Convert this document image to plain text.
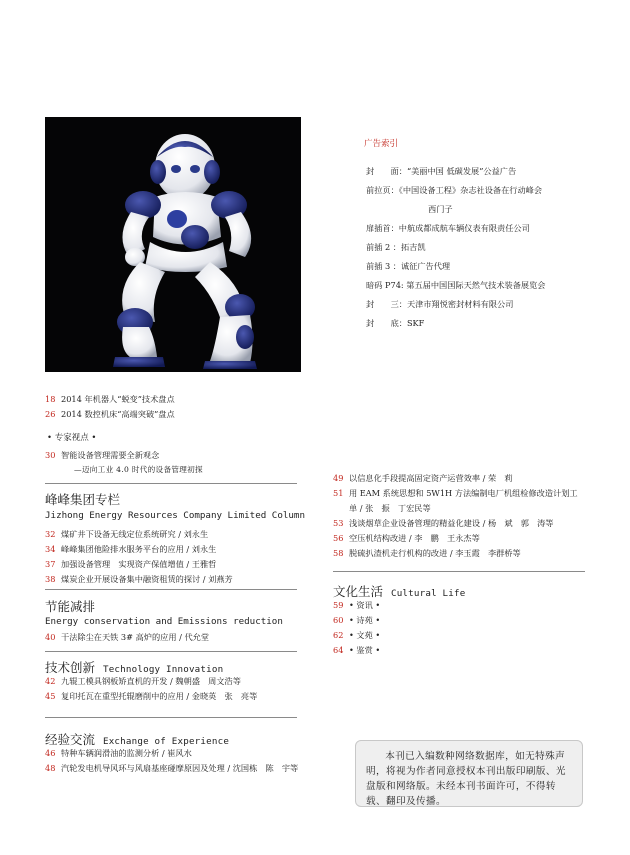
广告索引
封　　面：“美丽中国 低碳发展”公益广告
前拉页：《中国设备工程》杂志社设备在行动峰会
西门子
扉插首：中航成都成航车辆仪表有限责任公司
前插 2 ：拓吉凯
前插 3 ：诚征广告代理
暗码 P74: 第五届中国国际天然气技术装备展览会
封　　三：天津市翔悦密封材料有限公司
封　　底：SKF
18 2014 年机器人“蜕变”技术盘点
26 2014 数控机床“高端突破”盘点
• 专家视点 •
30 智能设备管理需要全新观念
—迈向工业 4.0 时代的设备管理初探
峰峰集团专栏
Jizhong Energy Resources Company Limited Column
32 煤矿井下设备无线定位系统研究 / 刘永生
34 峰峰集团他险排水服务平台的应用 / 刘永生
37 加强设备管理　实现资产保值增值 / 王雅哲
38 煤炭企业开展设备集中融资租赁的探讨 / 刘燕芳
节能减排
Energy conservation and Emissions reduction
40 干法除尘在天铁 3# 高炉的应用 / 代允堂
技术创新 Technology Innovation
42 九辊工模具钢板矫直机的开发 / 魏朝盛　周文浩等
45 复印托瓦在重型托辊磨削中的应用 / 金晓英　张　亮等
经验交流 Exchange of Experience
46 特种车辆润滑油的监测分析 / 崔风水
48 汽轮发电机导风环与风扇基座碰摩原因及处理 / 沈国栋　陈　宇等
49 以信息化手段提高固定资产运营效率 / 荣　莉
51 用 EAM 系统思想和 5W1H 方法编制电厂机组检修改造计划工
单 / 张　振　丁宏民等
53 浅谈烟草企业设备管理的精益化建设 / 杨　斌　郭　涛等
56 空压机结构改进 / 李　鹏　王永杰等
58 脱硫扒渣机走行机构的改进 / 李玉霞　李群桥等
文化生活 Cultural Life
59 • 资讯 •
60 • 诗苑 •
62 • 文苑 •
64 • 鉴赏 •
本刊已入编数种网络数据库，如无特殊声明，将视为作者同意授权本刊出版印刷版、光盘版和网络版。未经本刊书面许可，不得转载、翻印及传播。
